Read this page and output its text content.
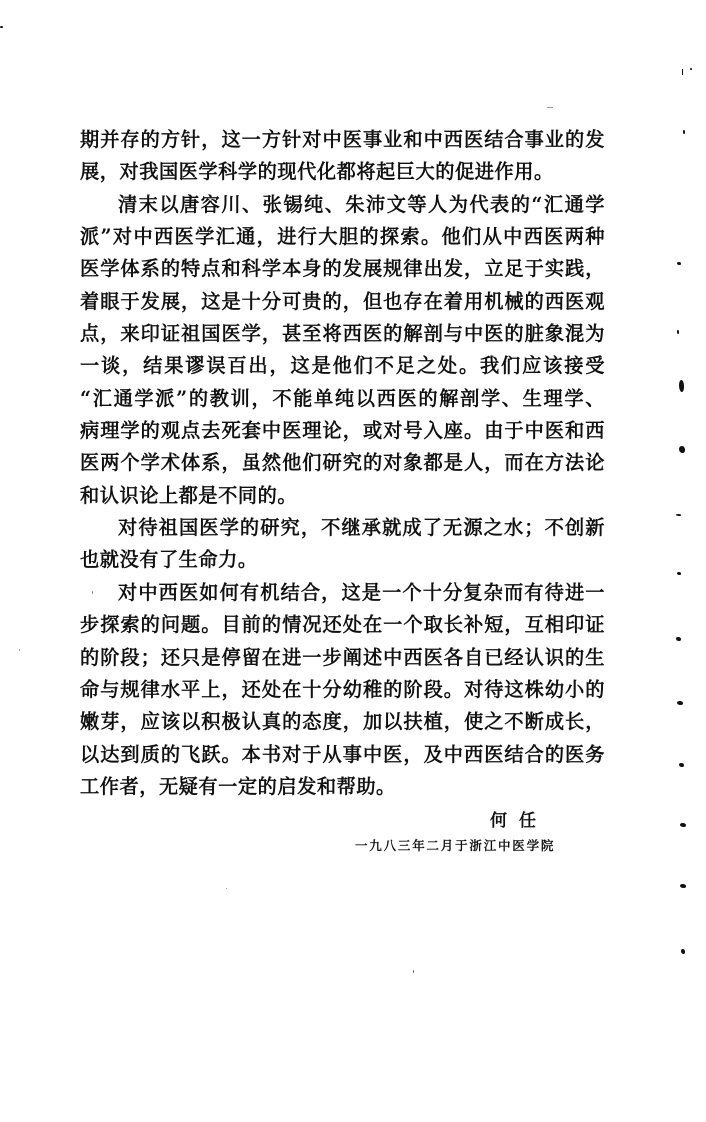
期并存的方针，这一方针对中医事业和中西医结合事业的发
展，对我国医学科学的现代化都将起巨大的促进作用。
清末以唐容川、张锡纯、朱沛文等人为代表的“汇通学
派”对中西医学汇通，进行大胆的探索。他们从中西医两种
医学体系的特点和科学本身的发展规律出发，立足于实践，
着眼于发展，这是十分可贵的，但也存在着用机械的西医观
点，来印证祖国医学，甚至将西医的解剖与中医的脏象混为
一谈，结果谬误百出，这是他们不足之处。我们应该接受
“汇通学派”的教训，不能单纯以西医的解剖学、生理学、
病理学的观点去死套中医理论，或对号入座。由于中医和西
医两个学术体系，虽然他们研究的对象都是人，而在方法论
和认识论上都是不同的。
对待祖国医学的研究，不继承就成了无源之水；不创新
也就没有了生命力。
对中西医如何有机结合，这是一个十分复杂而有待进一
步探索的问题。目前的情况还处在一个取长补短，互相印证
的阶段；还只是停留在进一步阐述中西医各自已经认识的生
命与规律水平上，还处在十分幼稚的阶段。对待这株幼小的
嫩芽，应该以积极认真的态度，加以扶植，使之不断成长，
以达到质的飞跃。本书对于从事中医，及中西医结合的医务
工作者，无疑有一定的启发和帮助。
何任
一九八三年二月于浙江中医学院
